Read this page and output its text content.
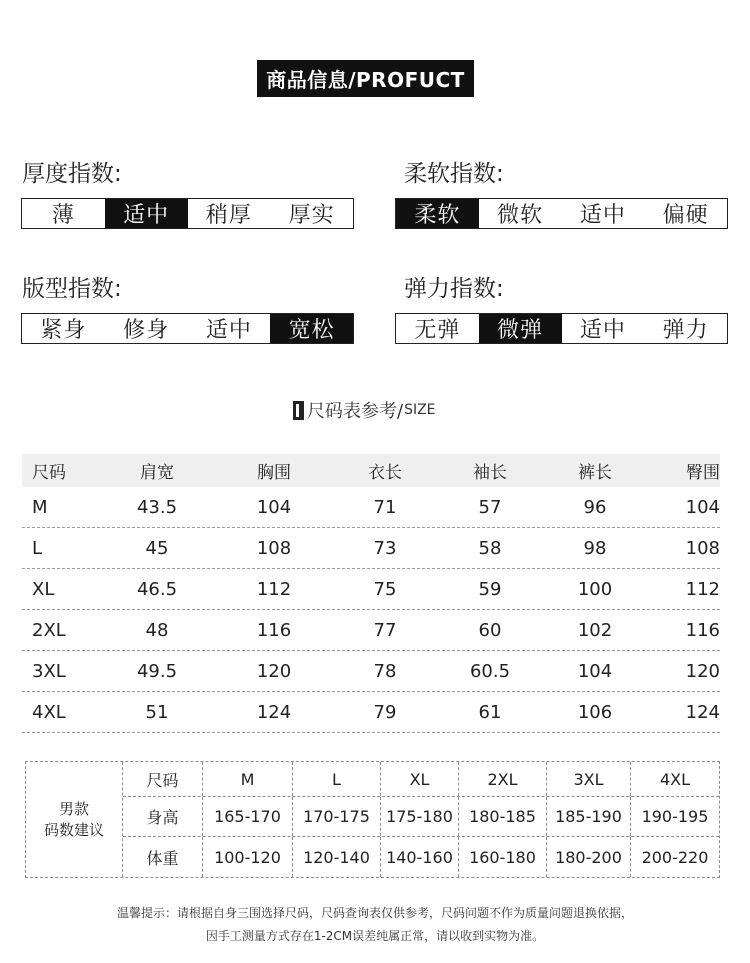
商品信息/PROFUCT
厚度指数:
薄	适中	稍厚	厚实
柔软指数:
柔软	微软	适中	偏硬
版型指数:
紧身	修身	适中	宽松
弹力指数:
无弹	微弹	适中	弹力
尺码表参考/ SIZE
尺码	肩宽	胸围	衣长	袖长	裤长	臀围
M	43.5	104	71	57	96	104
L	45	108	73	58	98	108
XL	46.5	112	75	59	100	112
2XL	48	116	77	60	102	116
3XL	49.5	120	78	60.5	104	120
4XL	51	124	79	61	106	124
男款
码数建议
尺码	M	L	XL	2XL	3XL	4XL
身高	165-170	170-175	175-180	180-185	185-190	190-195
体重	100-120	120-140	140-160	160-180	180-200	200-220
温馨提示：请根据自身三围选择尺码，尺码查询表仅供参考，尺码问题不作为质量问题退换依据，
因手工测量方式存在1-2CM误差纯属正常，请以收到实物为准。
